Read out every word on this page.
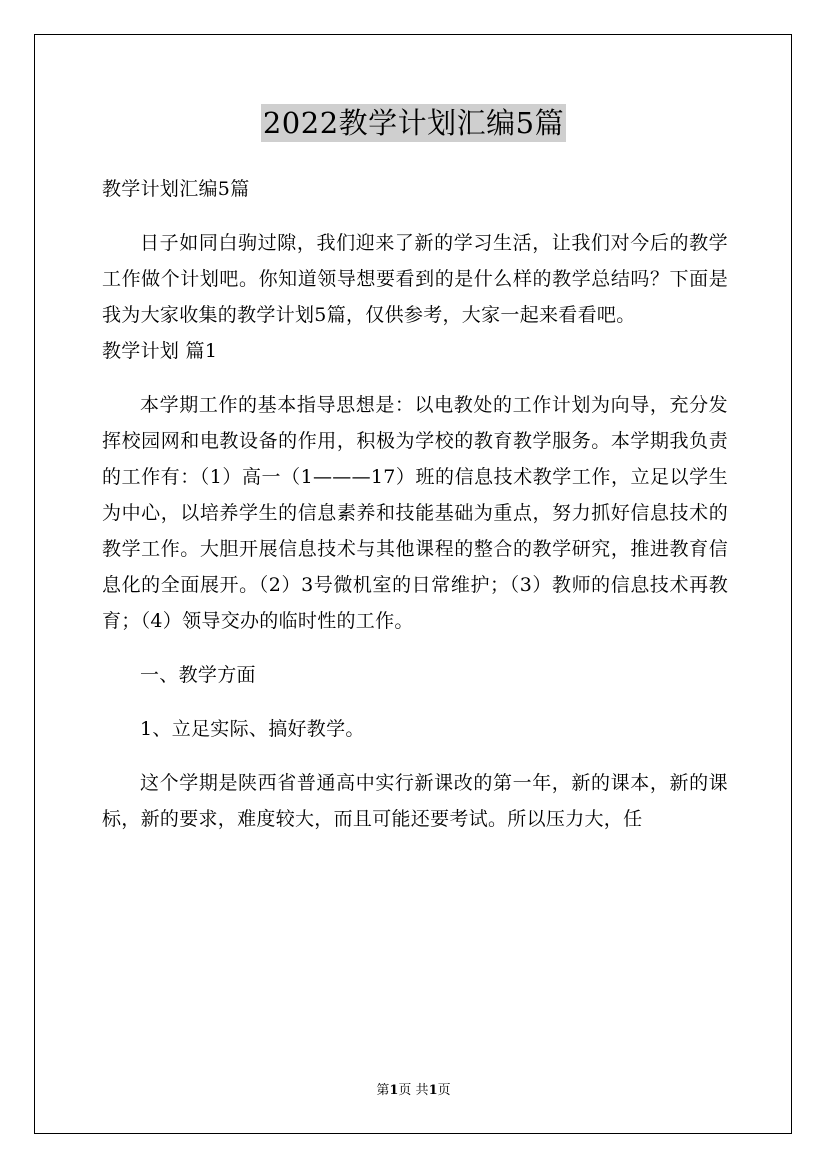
2022教学计划汇编5篇

教学计划汇编5篇

日子如同白驹过隙，我们迎来了新的学习生活，让我们对今后的教学工作做个计划吧。你知道领导想要看到的是什么样的教学总结吗？下面是我为大家收集的教学计划5篇，仅供参考，大家一起来看看吧。

教学计划 篇1

本学期工作的基本指导思想是：以电教处的工作计划为向导，充分发挥校园网和电教设备的作用，积极为学校的教育教学服务。本学期我负责的工作有：（1）高一（1———17）班的信息技术教学工作，立足以学生为中心，以培养学生的信息素养和技能基础为重点，努力抓好信息技术的教学工作。大胆开展信息技术与其他课程的整合的教学研究，推进教育信息化的全面展开。（2）3号微机室的日常维护；（3）教师的信息技术再教育；（4）领导交办的临时性的工作。

一、教学方面

1、立足实际、搞好教学。

这个学期是陕西省普通高中实行新课改的第一年，新的课本，新的课标，新的要求，难度较大，而且可能还要考试。所以压力大，任

第1页 共1页
